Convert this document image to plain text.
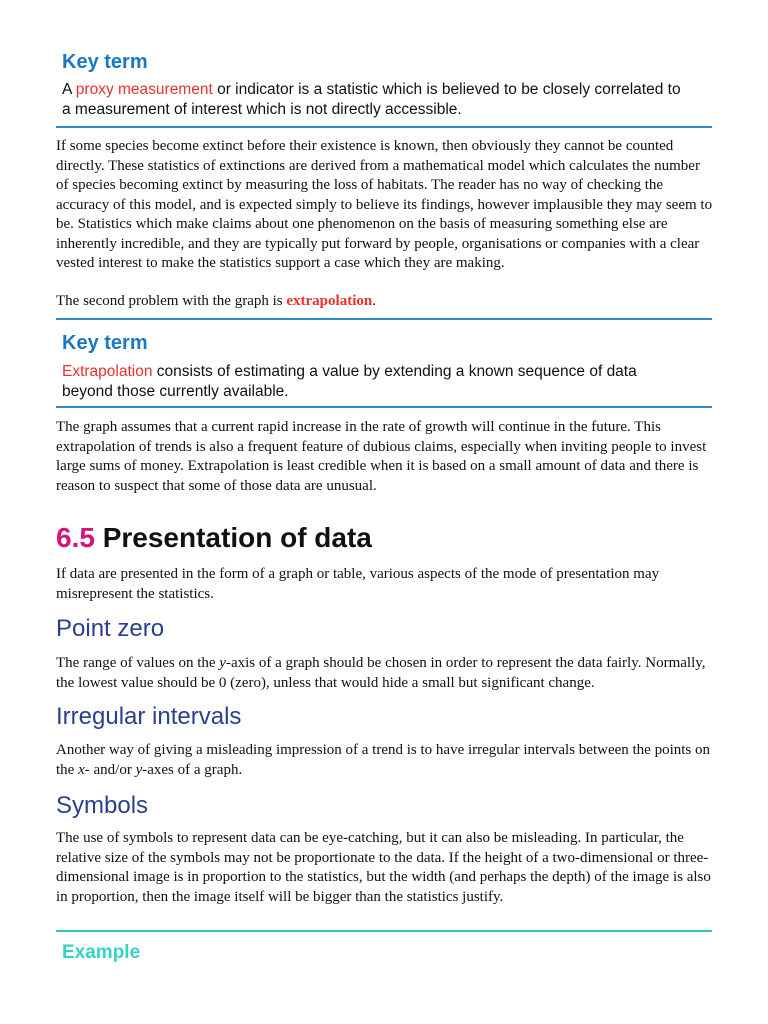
Key term

A proxy measurement or indicator is a statistic which is believed to be closely correlated to
a measurement of interest which is not directly accessible.

If some species become extinct before their existence is known, then obviously they cannot be counted directly. These statistics of extinctions are derived from a mathematical model which calculates the number of species becoming extinct by measuring the loss of habitats. The reader has no way of checking the accuracy of this model, and is expected simply to believe its findings, however implausible they may seem to be. Statistics which make claims about one phenomenon on the basis of measuring something else are inherently incredible, and they are typically put forward by people, organisations or companies with a clear vested interest to make the statistics support a case which they are making.

The second problem with the graph is extrapolation.

Key term

Extrapolation consists of estimating a value by extending a known sequence of data
beyond those currently available.

The graph assumes that a current rapid increase in the rate of growth will continue in the future. This extrapolation of trends is also a frequent feature of dubious claims, especially when inviting people to invest large sums of money. Extrapolation is least credible when it is based on a small amount of data and there is reason to suspect that some of those data are unusual.

6.5 Presentation of data

If data are presented in the form of a graph or table, various aspects of the mode of presentation may misrepresent the statistics.

Point zero

The range of values on the y-axis of a graph should be chosen in order to represent the data fairly. Normally, the lowest value should be 0 (zero), unless that would hide a small but significant change.

Irregular intervals

Another way of giving a misleading impression of a trend is to have irregular intervals between the points on the x- and/or y-axes of a graph.

Symbols

The use of symbols to represent data can be eye-catching, but it can also be misleading. In particular, the relative size of the symbols may not be proportionate to the data. If the height of a two-dimensional or three-dimensional image is in proportion to the statistics, but the width (and perhaps the depth) of the image is also in proportion, then the image itself will be bigger than the statistics justify.

Example
